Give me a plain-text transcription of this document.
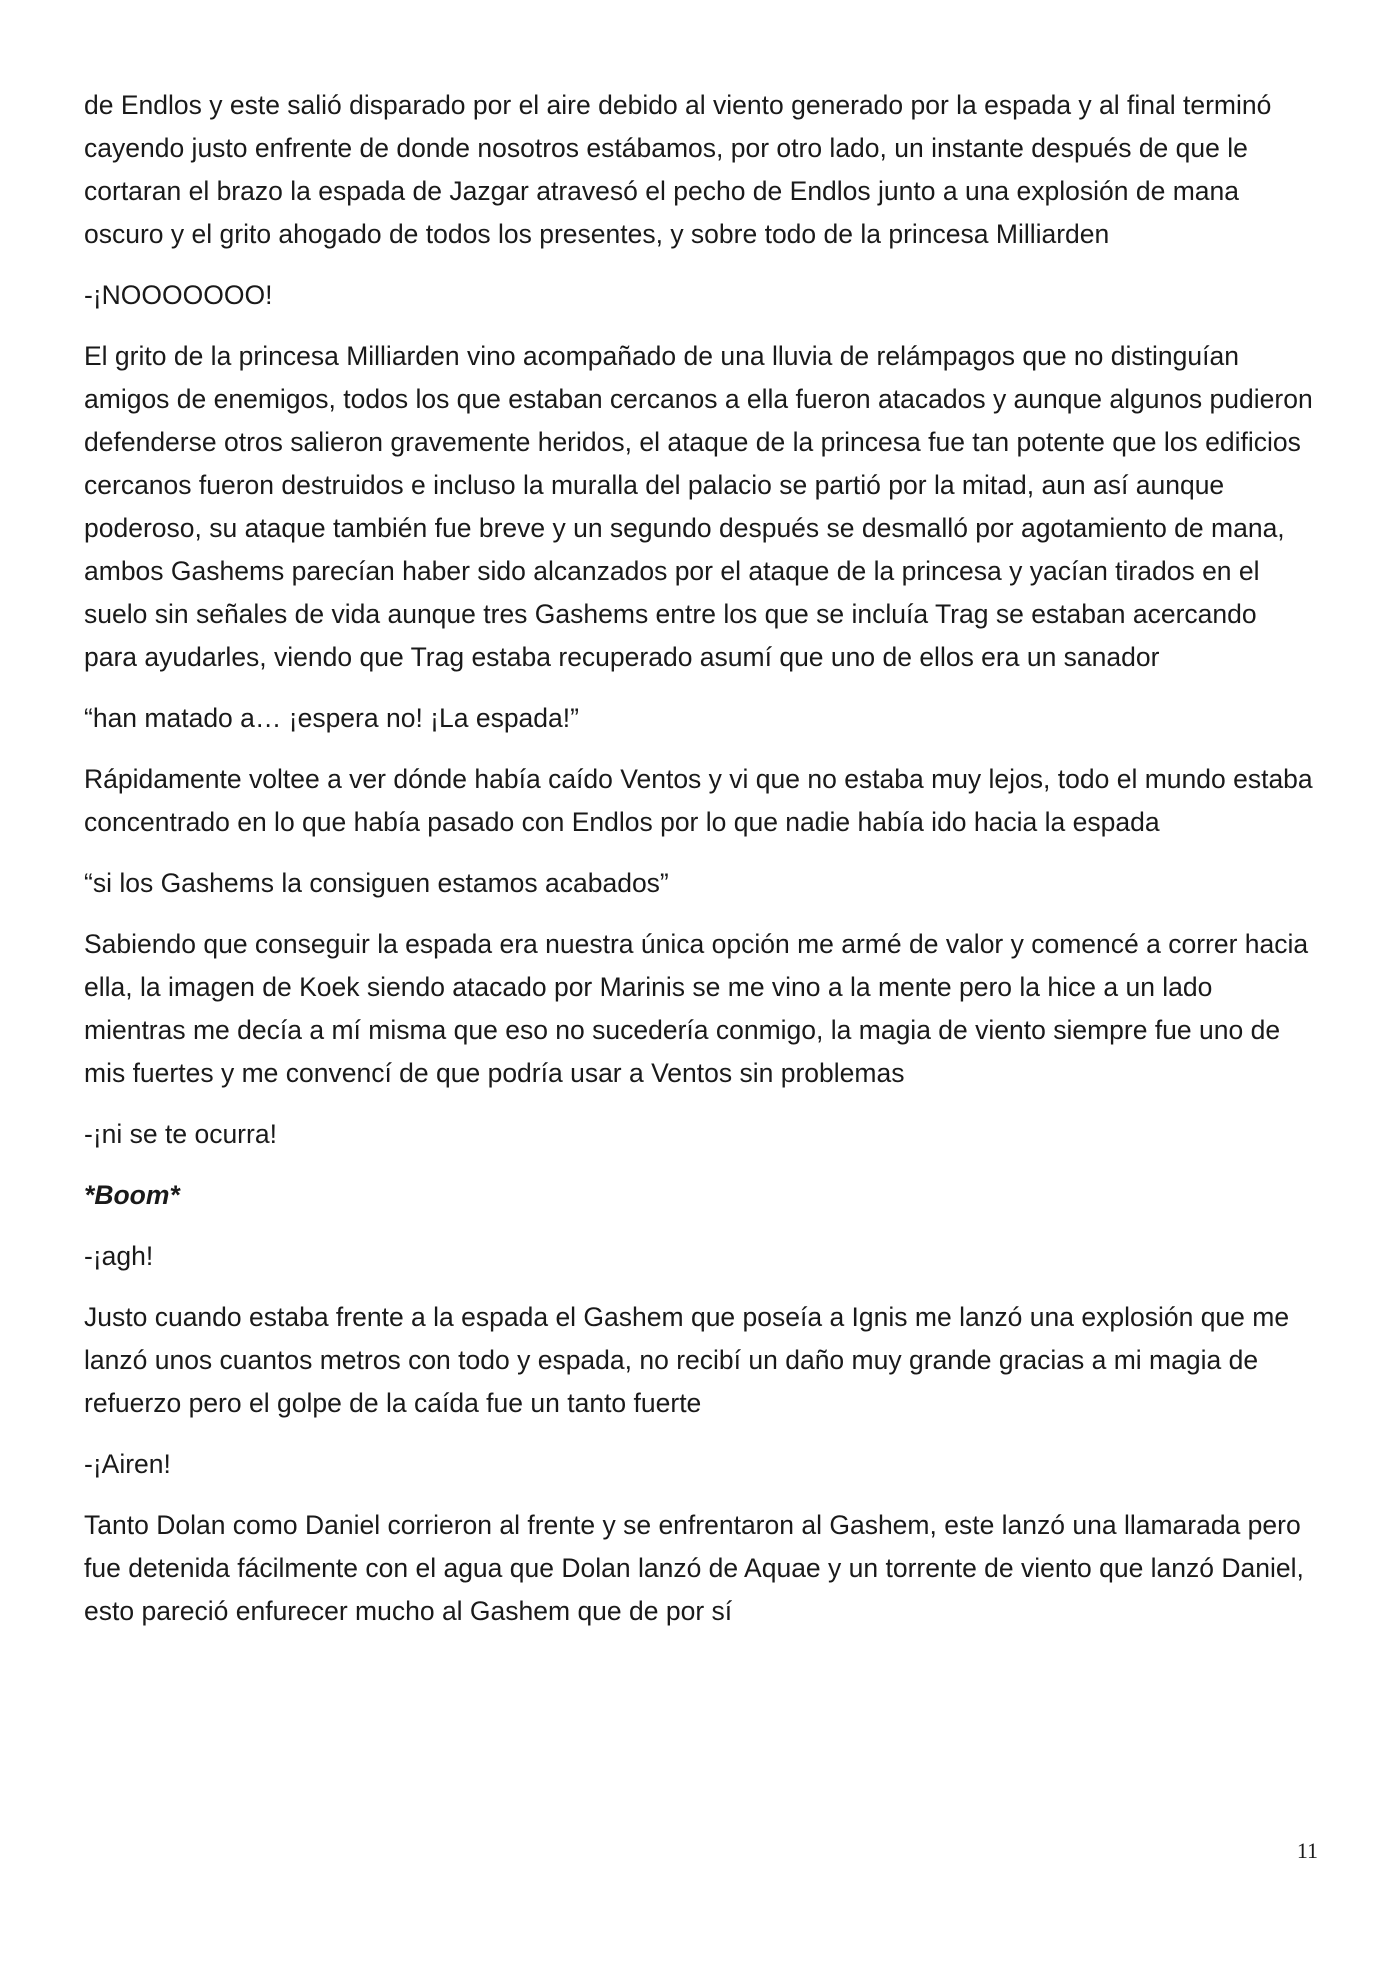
de Endlos y este salió disparado por el aire debido al viento generado por la espada y al final terminó cayendo justo enfrente de donde nosotros estábamos, por otro lado, un instante después de que le cortaran el brazo la espada de Jazgar atravesó el pecho de Endlos junto a una explosión de mana oscuro y el grito ahogado de todos los presentes, y sobre todo de la princesa Milliarden

-¡NOOOOOOO!

El grito de la princesa Milliarden vino acompañado de una lluvia de relámpagos que no distinguían amigos de enemigos, todos los que estaban cercanos a ella fueron atacados y aunque algunos pudieron defenderse otros salieron gravemente heridos, el ataque de la princesa fue tan potente que los edificios cercanos fueron destruidos e incluso la muralla del palacio se partió por la mitad, aun así aunque poderoso, su ataque también fue breve y un segundo después se desmalló por agotamiento de mana, ambos Gashems parecían haber sido alcanzados por el ataque de la princesa y yacían tirados en el suelo sin señales de vida aunque tres Gashems entre los que se incluía Trag se estaban acercando para ayudarles, viendo que Trag estaba recuperado asumí que uno de ellos era un sanador

“han matado a… ¡espera no! ¡La espada!”

Rápidamente voltee a ver dónde había caído Ventos y vi que no estaba muy lejos, todo el mundo estaba concentrado en lo que había pasado con Endlos por lo que nadie había ido hacia la espada

“si los Gashems la consiguen estamos acabados”

Sabiendo que conseguir la espada era nuestra única opción me armé de valor y comencé a correr hacia ella, la imagen de Koek siendo atacado por Marinis se me vino a la mente pero la hice a un lado mientras me decía a mí misma que eso no sucedería conmigo, la magia de viento siempre fue uno de mis fuertes y me convencí de que podría usar a Ventos sin problemas

-¡ni se te ocurra!

*Boom*

-¡agh!

Justo cuando estaba frente a la espada el Gashem que poseía a Ignis me lanzó una explosión que me lanzó unos cuantos metros con todo y espada, no recibí un daño muy grande gracias a mi magia de refuerzo pero el golpe de la caída fue un tanto fuerte

-¡Airen!

Tanto Dolan como Daniel corrieron al frente y se enfrentaron al Gashem, este lanzó una llamarada pero fue detenida fácilmente con el agua que Dolan lanzó de Aquae y un torrente de viento que lanzó Daniel, esto pareció enfurecer mucho al Gashem que de por sí

11
